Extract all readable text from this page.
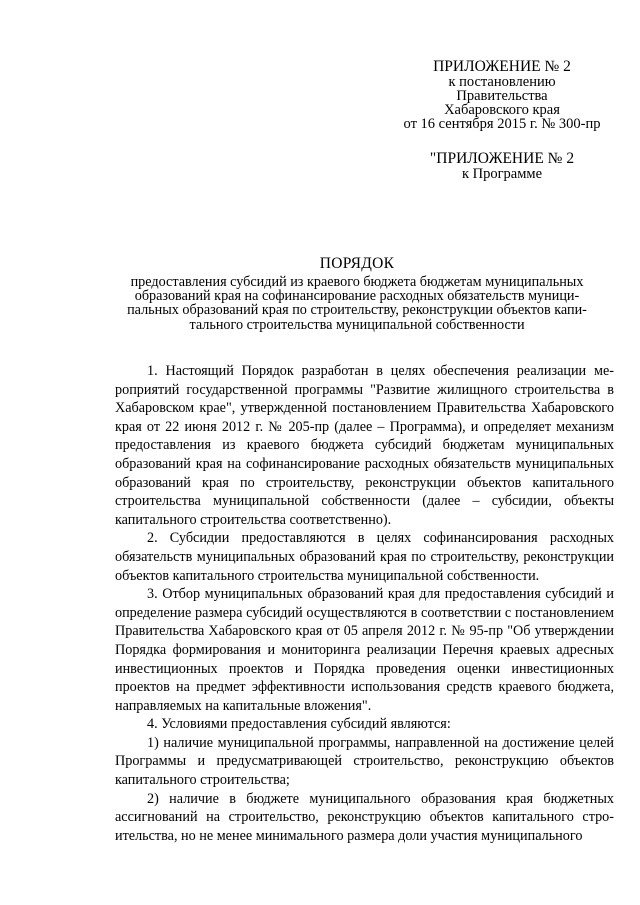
ПРИЛОЖЕНИЕ № 2
к постановлению
Правительства
Хабаровского края
от 16 сентября 2015 г. № 300-пр
"ПРИЛОЖЕНИЕ № 2
к Программе
ПОРЯДОК
предоставления субсидий из краевого бюджета бюджетам муниципальных
образований края на софинансирование расходных обязательств муници-
пальных образований края по строительству, реконструкции объектов капи-
тального строительства муниципальной собственности

1. Настоящий Порядок разработан в целях обеспечения реализации мероприятий государственной программы "Развитие жилищного строительства в Хабаровском крае", утвержденной постановлением Правительства Хабаровского края от 22 июня 2012 г. № 205-пр (далее – Программа), и определяет механизм предоставления из краевого бюджета субсидий бюджетам муниципальных образований края на софинансирование расходных обязательств муниципальных образований края по строительству, реконструкции объектов капитального строительства муниципальной собственности (далее – субсидии, объекты капитального строительства соответственно).

2. Субсидии предоставляются в целях софинансирования расходных обязательств муниципальных образований края по строительству, реконструкции объектов капитального строительства муниципальной собственности.

3. Отбор муниципальных образований края для предоставления субсидий и определение размера субсидий осуществляются в соответствии с постановлением Правительства Хабаровского края от 05 апреля 2012 г. № 95-пр "Об утверждении Порядка формирования и мониторинга реализации Перечня краевых адресных инвестиционных проектов и Порядка проведения оценки инвестиционных проектов на предмет эффективности использования средств краевого бюджета, направляемых на капитальные вложения".

4. Условиями предоставления субсидий являются:

1) наличие муниципальной программы, направленной на достижение целей Программы и предусматривающей строительство, реконструкцию объектов капитального строительства;

2) наличие в бюджете муниципального образования края бюджетных ассигнований на строительство, реконструкцию объектов капитального строительства, но не менее минимального размера доли участия муниципального
